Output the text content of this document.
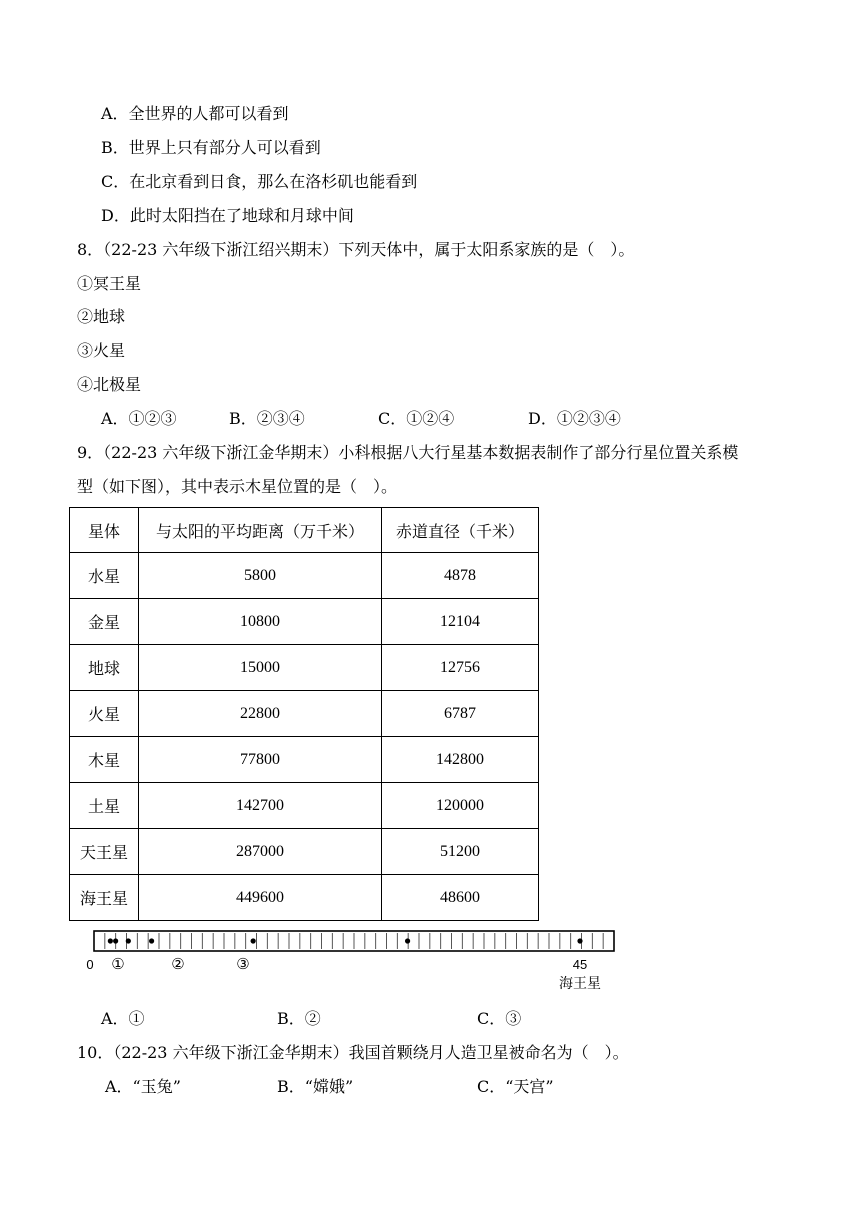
A．全世界的人都可以看到
B．世界上只有部分人可以看到
C．在北京看到日食，那么在洛杉矶也能看到
D．此时太阳挡在了地球和月球中间
8．（22-23 六年级下浙江绍兴期末）下列天体中，属于太阳系家族的是（　）。
①冥王星
②地球
③火星
④北极星
A．①②③	B．②③④	C．①②④	D．①②③④
9．（22-23 六年级下浙江金华期末）小科根据八大行星基本数据表制作了部分行星位置关系模
型（如下图），其中表示木星位置的是（　）。
星体	与太阳的平均距离（万千米）	赤道直径（千米）
水星	5800	4878
金星	10800	12104
地球	15000	12756
火星	22800	6787
木星	77800	142800
土星	142700	120000
天王星	287000	51200
海王星	449600	48600
0 ①	②	③	45
海王星
A．①	B．②	C．③
10．（22-23 六年级下浙江金华期末）我国首颗绕月人造卫星被命名为（　）。
A．“玉兔”	B．“嫦娥”	C．“天宫”
